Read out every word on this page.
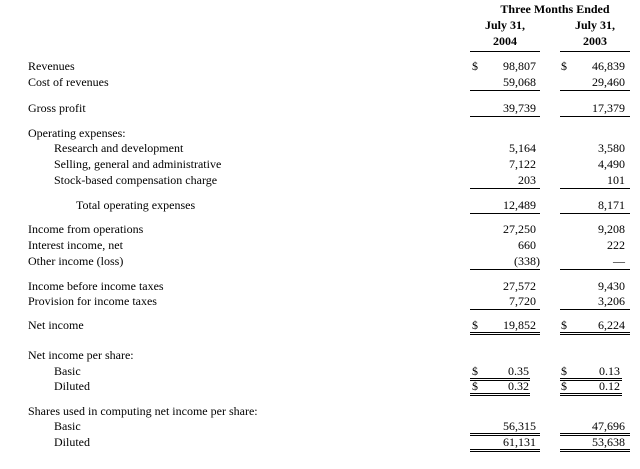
Three Months Ended
July 31,
2004
July 31,
2003
Revenues	$	98,807 $	46,839
Cost of revenues	59,068	29,460
Gross profit	39,739	17,379
Operating expenses:
Research and development	5,164	3,580
Selling, general and administrative	7,122	4,490
Stock-based compensation charge	203	101
Total operating expenses	12,489	8,171
Income from operations	27,250	9,208
Interest income, net	660	222
Other income (loss)	(338)	—
Income before income taxes	27,572	9,430
Provision for income taxes	7,720	3,206
Net income	$	19,852 $	6,224
Net income per share:
Basic	$	0.35	$	0.13
Diluted	$	0.32	$	0.12
Shares used in computing net income per share:
Basic	56,315	47,696
Diluted	61,131	53,638
